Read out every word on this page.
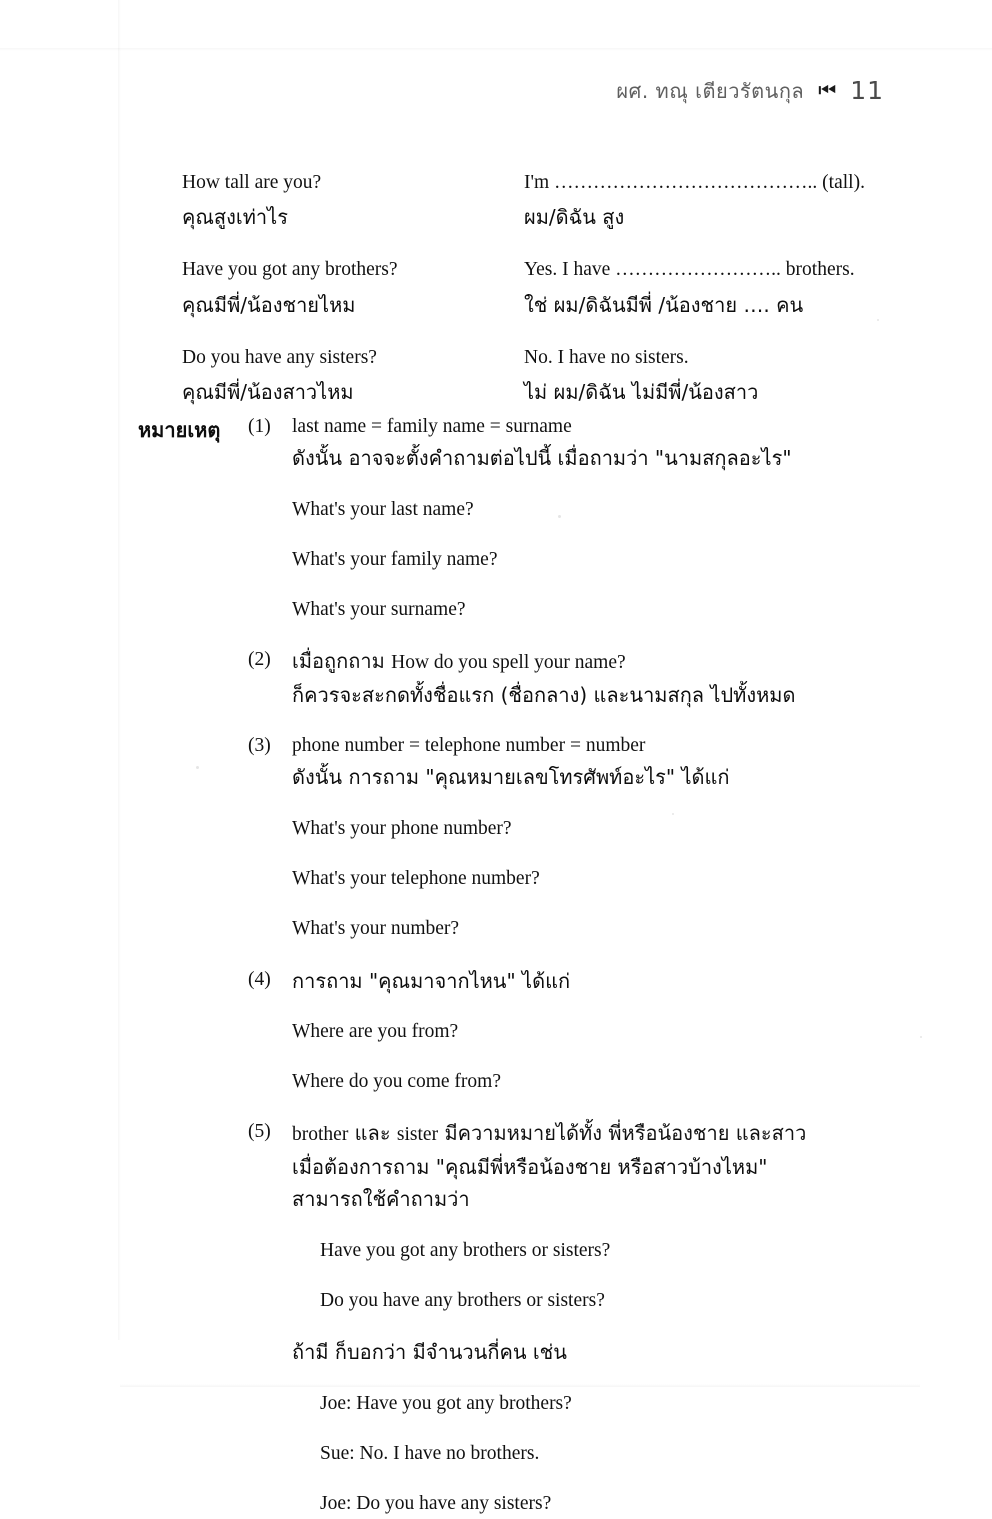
ผศ. ทณุ เตียวรัตนกุล ⏮ 11
How tall are you?	I'm ………………………………….. (tall).
คุณสูงเท่าไร	ผม/ดิฉัน สูง
Have you got any brothers?	Yes. I have …………………….. brothers.
คุณมีพี่/น้องชายไหม	ใช่ ผม/ดิฉันมีพี่ /น้องชาย …. คน
Do you have any sisters?	No. I have no sisters.
คุณมีพี่/น้องสาวไหม	ไม่ ผม/ดิฉัน ไม่มีพี่/น้องสาว
หมายเหตุ (1)	last name = family name = surname
ดังนั้น อาจจะตั้งคำถามต่อไปนี้ เมื่อถามว่า "นามสกุลอะไร"
What's your last name?
What's your family name?
What's your surname?
(2)	เมื่อถูกถาม How do you spell your name?
ก็ควรจะสะกดทั้งชื่อแรก (ชื่อกลาง) และนามสกุล ไปทั้งหมด
(3)	phone number = telephone number = number
ดังนั้น การถาม "คุณหมายเลขโทรศัพท์อะไร" ได้แก่
What's your phone number?
What's your telephone number?
What's your number?
(4)	การถาม "คุณมาจากไหน" ได้แก่
Where are you from?
Where do you come from?
(5)	brother และ sister มีความหมายได้ทั้ง พี่หรือน้องชาย และสาว
เมื่อต้องการถาม "คุณมีพี่หรือน้องชาย หรือสาวบ้างไหม"
สามารถใช้คำถามว่า
Have you got any brothers or sisters?
Do you have any brothers or sisters?
ถ้ามี ก็บอกว่า มีจำนวนกี่คน เช่น
Joe: Have you got any brothers?
Sue: No. I have no brothers.
Joe: Do you have any sisters?
